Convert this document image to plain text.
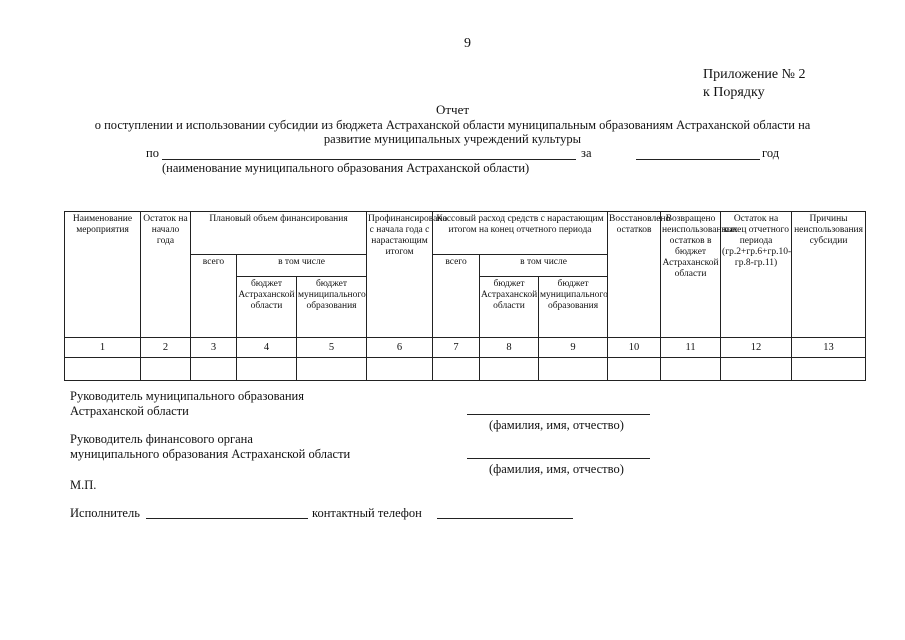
9
Приложение № 2
к Порядку
Отчет
о поступлении и использовании субсидии из бюджета Астраханской области муниципальным образованиям Астраханской области на
развитие муниципальных учреждений культуры
по	за	год
(наименование муниципального образования Астраханской области)
Наименование мероприятия	Остаток на начало года	Плановый объем финансирования			Профинансировано с начала года с нарастающим итогом	Кассовый расход средств с нарастающим итогом на конец отчетного периода			Восстановлено остатков	Возвращено неиспользованных остатков в бюджет Астраханской области	Остаток на конец отчетного периода (гр.2+гр.6+гр.10-гр.8-гр.11)	Причины неиспользования субсидии
		всего	в том числе			всего	в том числе					
			бюджет Астраханской области	бюджет муниципального образования			бюджет Астраханской области	бюджет муниципального образования				
1	2	3	4	5	6	7	8	9	10	11	12	13

Руководитель муниципального образования
Астраханской области
(фамилия, имя, отчество)
Руководитель финансового органа
муниципального образования Астраханской области
(фамилия, имя, отчество)
М.П.
Исполнитель	контактный телефон
